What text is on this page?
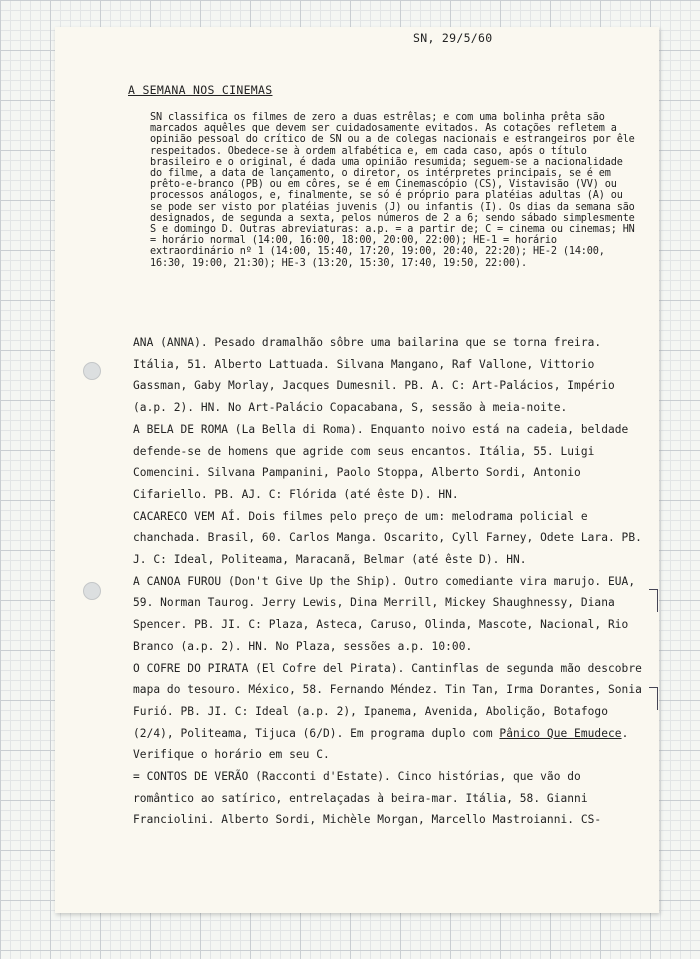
SN, 29/5/60
A SEMANA NOS CINEMAS

SN classifica os filmes de zero a duas estrêlas; e com uma bolinha prêta são marcados aquêles que devem ser cuidadosamente evitados. As cotações refletem a opinião pessoal do crítico de SN ou a de colegas nacionais e estrangeiros por êle respeitados. Obedece-se à ordem alfabética e, em cada caso, após o título brasileiro e o original, é dada uma opinião resumida; seguem-se a nacionalidade do filme, a data de lançamento, o diretor, os intérpretes principais, se é em prêto-e-branco (PB) ou em côres, se é em Cinemascópio (CS), Vistavisão (VV) ou processos análogos, e, finalmente, se só é próprio para platéias adultas (A) ou se pode ser visto por platéias juvenis (J) ou infantis (I). Os dias da semana são designados, de segunda a sexta, pelos números de 2 a 6; sendo sábado simplesmente S e domingo D. Outras abreviaturas: a.p. = a partir de; C = cinema ou cinemas; HN = horário normal (14:00, 16:00, 18:00, 20:00, 22:00); HE-1 = horário extraordinário nº 1 (14:00, 15:40, 17:20, 19:00, 20:40, 22:20); HE-2 (14:00, 16:30, 19:00, 21:30); HE-3 (13:20, 15:30, 17:40, 19:50, 22:00).

ANA (ANNA). Pesado dramalhão sôbre uma bailarina que se torna freira. Itália, 51. Alberto Lattuada. Silvana Mangano, Raf Vallone, Vittorio Gassman, Gaby Morlay, Jacques Dumesnil. PB. A. C: Art-Palácios, Império (a.p. 2). HN. No Art-Palácio Copacabana, S, sessão à meia-noite.

A BELA DE ROMA (La Bella di Roma). Enquanto noivo está na cadeia, beldade defende-se de homens que agride com seus encantos. Itália, 55. Luigi Comencini. Silvana Pampanini, Paolo Stoppa, Alberto Sordi, Antonio Cifariello. PB. AJ. C: Flórida (até êste D). HN.

CACARECO VEM AÍ. Dois filmes pelo preço de um: melodrama policial e chanchada. Brasil, 60. Carlos Manga. Oscarito, Cyll Farney, Odete Lara. PB. J. C: Ideal, Politeama, Maracanã, Belmar (até êste D). HN.

A CANOA FUROU (Don't Give Up the Ship). Outro comediante vira marujo. EUA, 59. Norman Taurog. Jerry Lewis, Dina Merrill, Mickey Shaughnessy, Diana Spencer. PB. JI. C: Plaza, Asteca, Caruso, Olinda, Mascote, Nacional, Rio Branco (a.p. 2). HN. No Plaza, sessões a.p. 10:00.

O COFRE DO PIRATA (El Cofre del Pirata). Cantinflas de segunda mão descobre mapa do tesouro. México, 58. Fernando Méndez. Tin Tan, Irma Dorantes, Sonia Furió. PB. JI. C: Ideal (a.p. 2), Ipanema, Avenida, Abolição, Botafogo (2/4), Politeama, Tijuca (6/D). Em programa duplo com Pânico Que Emudece. Verifique o horário em seu C.

= CONTOS DE VERÃO (Racconti d'Estate). Cinco histórias, que vão do romântico ao satírico, entrelaçadas à beira-mar. Itália, 58. Gianni Franciolini. Alberto Sordi, Michèle Morgan, Marcello Mastroianni. CS-
